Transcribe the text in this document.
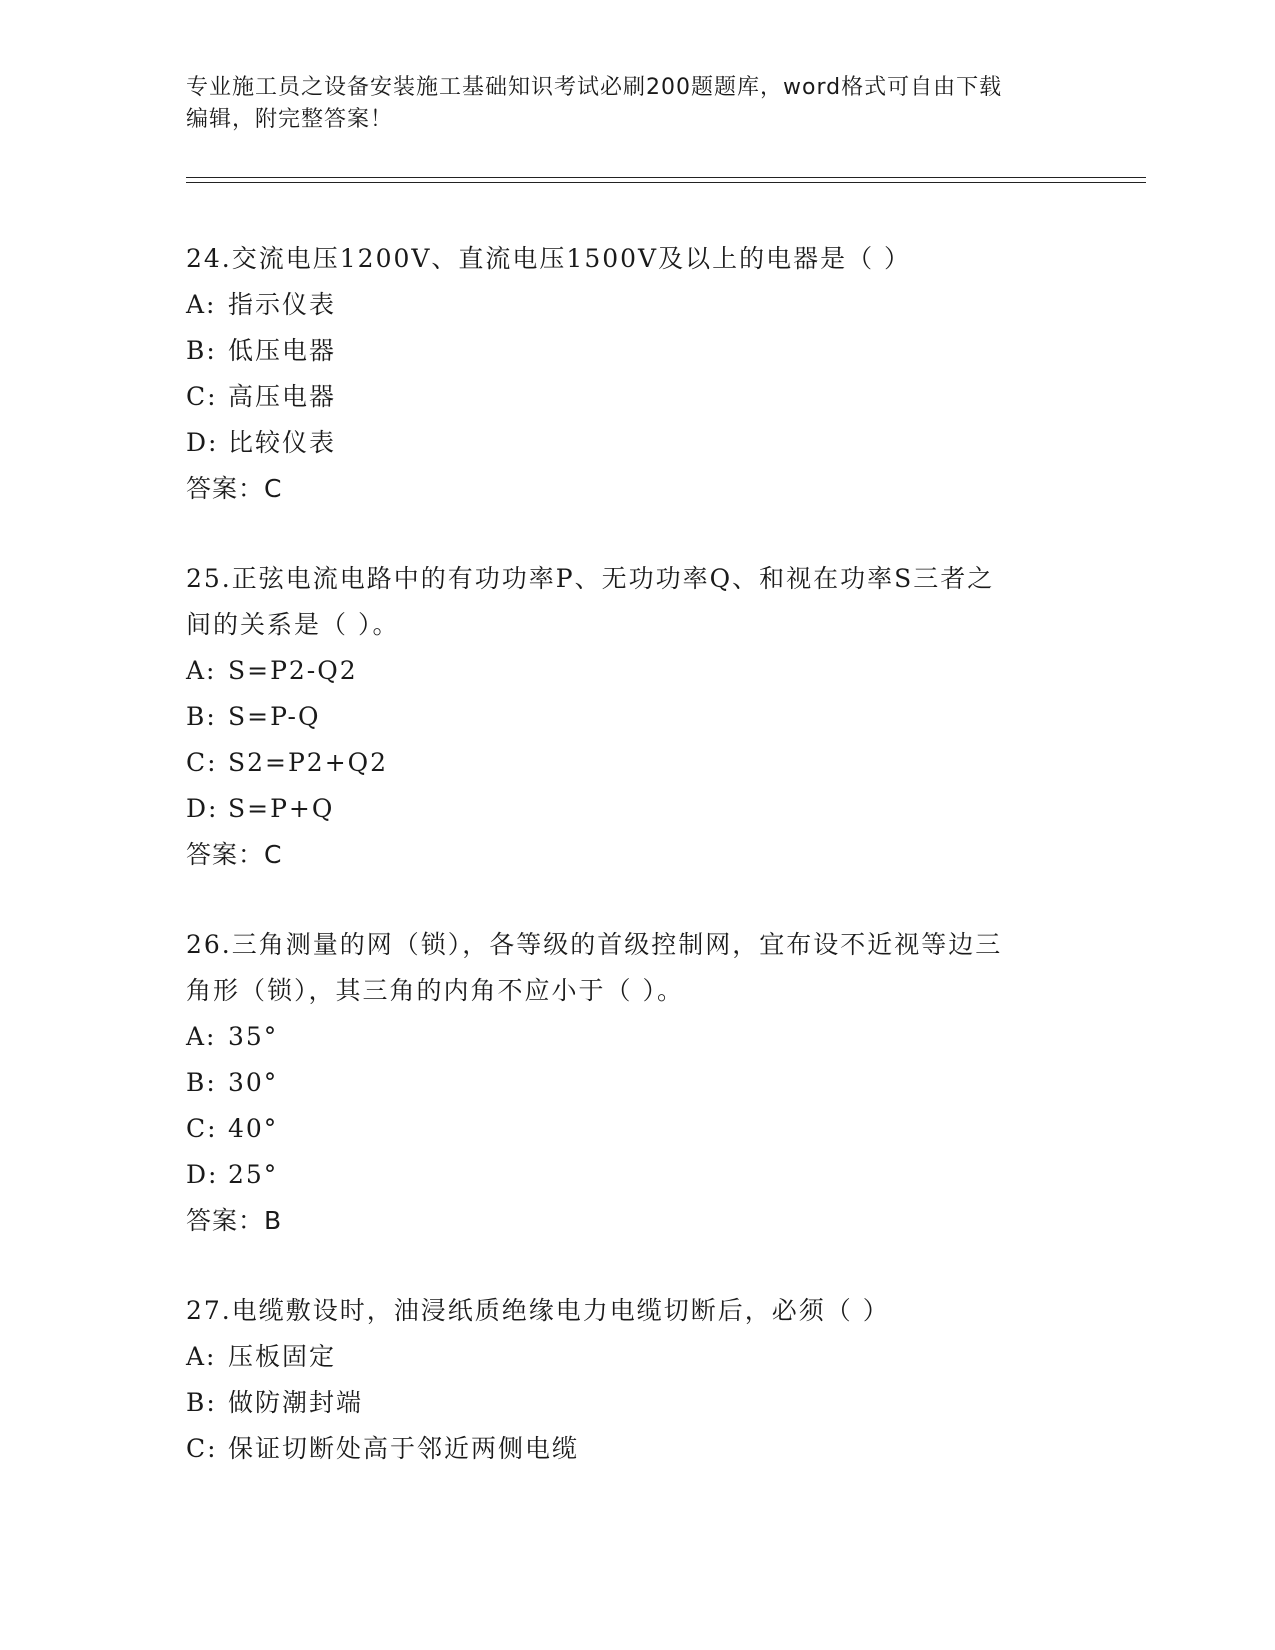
专业施工员之设备安装施工基础知识考试必刷200题题库，word格式可自由下载
编辑，附完整答案！
24.交流电压1200V、直流电压1500V及以上的电器是（ ）
A: 指示仪表
B: 低压电器
C: 高压电器
D: 比较仪表
答案：C
25.正弦电流电路中的有功功率P、无功功率Q、和视在功率S三者之
间的关系是（ ）。
A: S=P2-Q2
B: S=P-Q
C: S2=P2+Q2
D: S=P+Q
答案：C
26.三角测量的网（锁），各等级的首级控制网，宜布设不近视等边三
角形（锁），其三角的内角不应小于（ ）。
A: 35°
B: 30°
C: 40°
D: 25°
答案：B
27.电缆敷设时，油浸纸质绝缘电力电缆切断后，必须（ ）
A: 压板固定
B: 做防潮封端
C: 保证切断处高于邻近两侧电缆
